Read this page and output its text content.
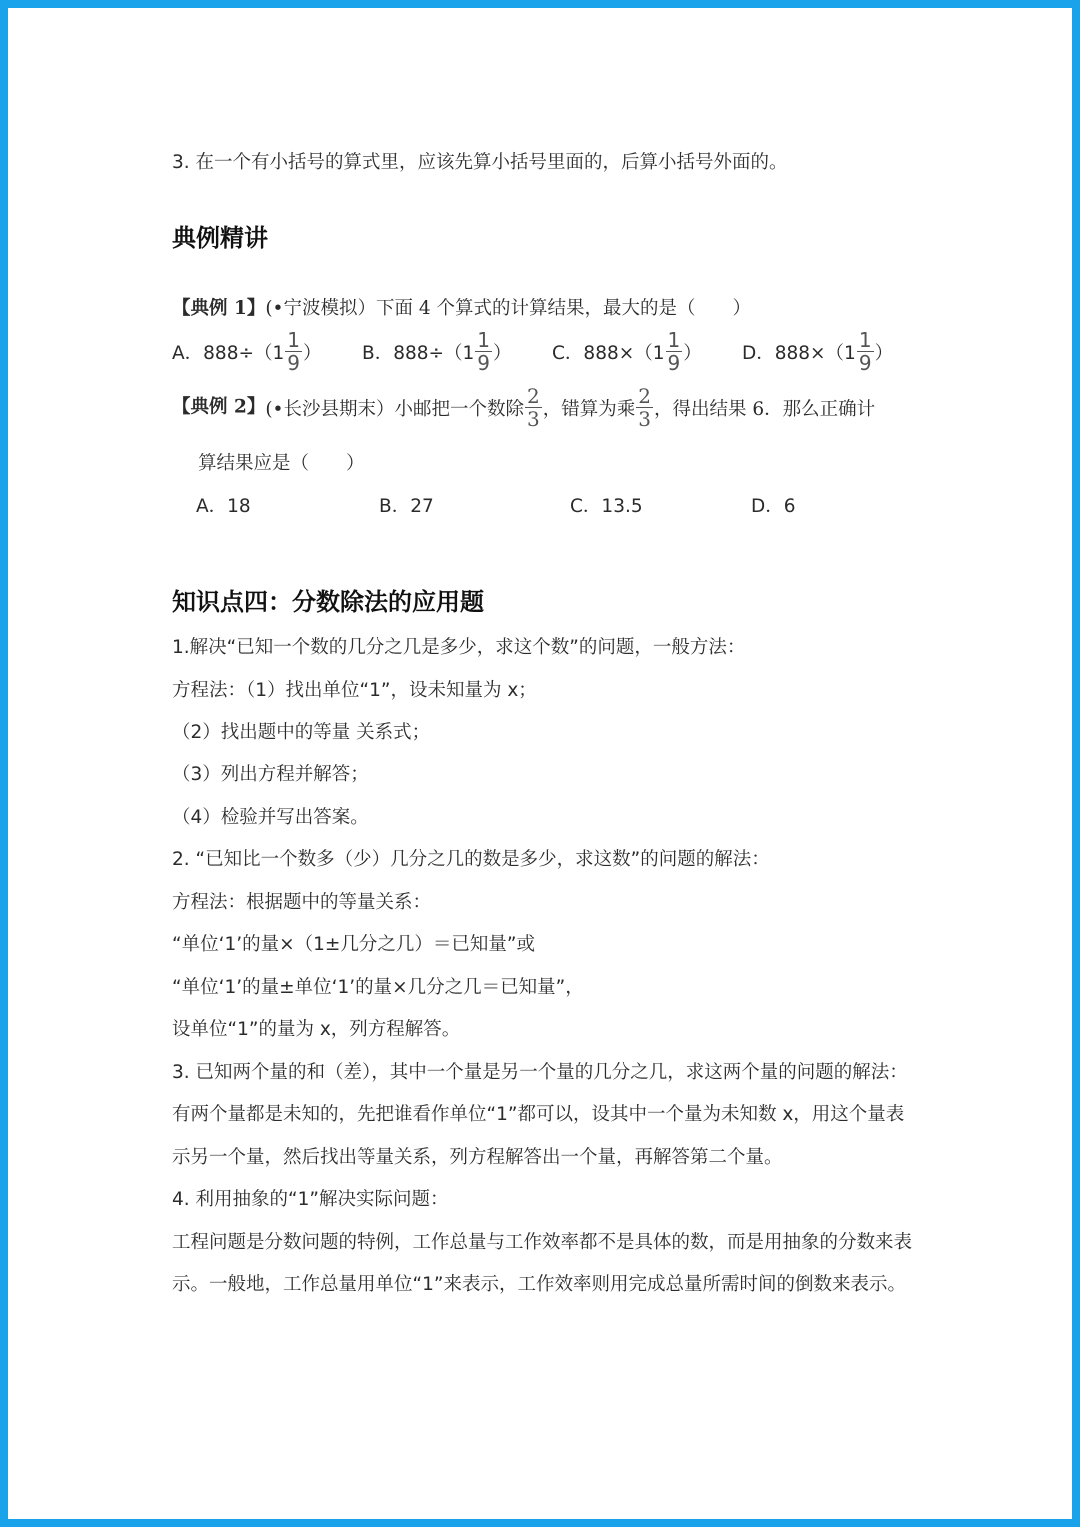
3. 在一个有小括号的算式里，应该先算小括号里面的，后算小括号外面的。
典例精讲
【典例 1】(•宁波模拟）下面 4 个算式的计算结果，最大的是（　　）
A．$888\div(1 \frac{1}{9}$ ） B．$888\div(1 \frac{1}{9}$ ） C．$888\times(1 \frac{1}{9}$ ） D．$888\times(1 \frac{1}{9}$ ）
【典例 2】(•长沙县期末）小邮把一个数除 $\frac{2}{3}$ ，错算为乘 $\frac{2}{3}$ ，得出结果 6．那么正确计
算结果应是（　　）
A．18	B．27	C．13.5	D．6
知识点四：分数除法的应用题
1.解决“已知一个数的几分之几是多少，求这个数”的问题，一般方法：
方程法：（1）找出单位“1”，设未知量为 x；
（2）找出题中的等量 关系式；
（3）列出方程并解答；
（4）检验并写出答案。
2. “已知比一个数多（少）几分之几的数是多少，求这数”的问题的解法：
方程法：根据题中的等量关系：
“单位‘1’的量×（1±几分之几）＝已知量”或
“单位‘1’的量±单位‘1’的量×几分之几＝已知量”，
设单位“1”的量为 x，列方程解答。
3. 已知两个量的和（差），其中一个量是另一个量的几分之几，求这两个量的问题的解法：
有两个量都是未知的，先把谁看作单位“1”都可以，设其中一个量为未知数 x，用这个量表
示另一个量，然后找出等量关系，列方程解答出一个量，再解答第二个量。
4. 利用抽象的“1”解决实际问题：
工程问题是分数问题的特例，工作总量与工作效率都不是具体的数，而是用抽象的分数来表
示。一般地，工作总量用单位“1”来表示，工作效率则用完成总量所需时间的倒数来表示。
